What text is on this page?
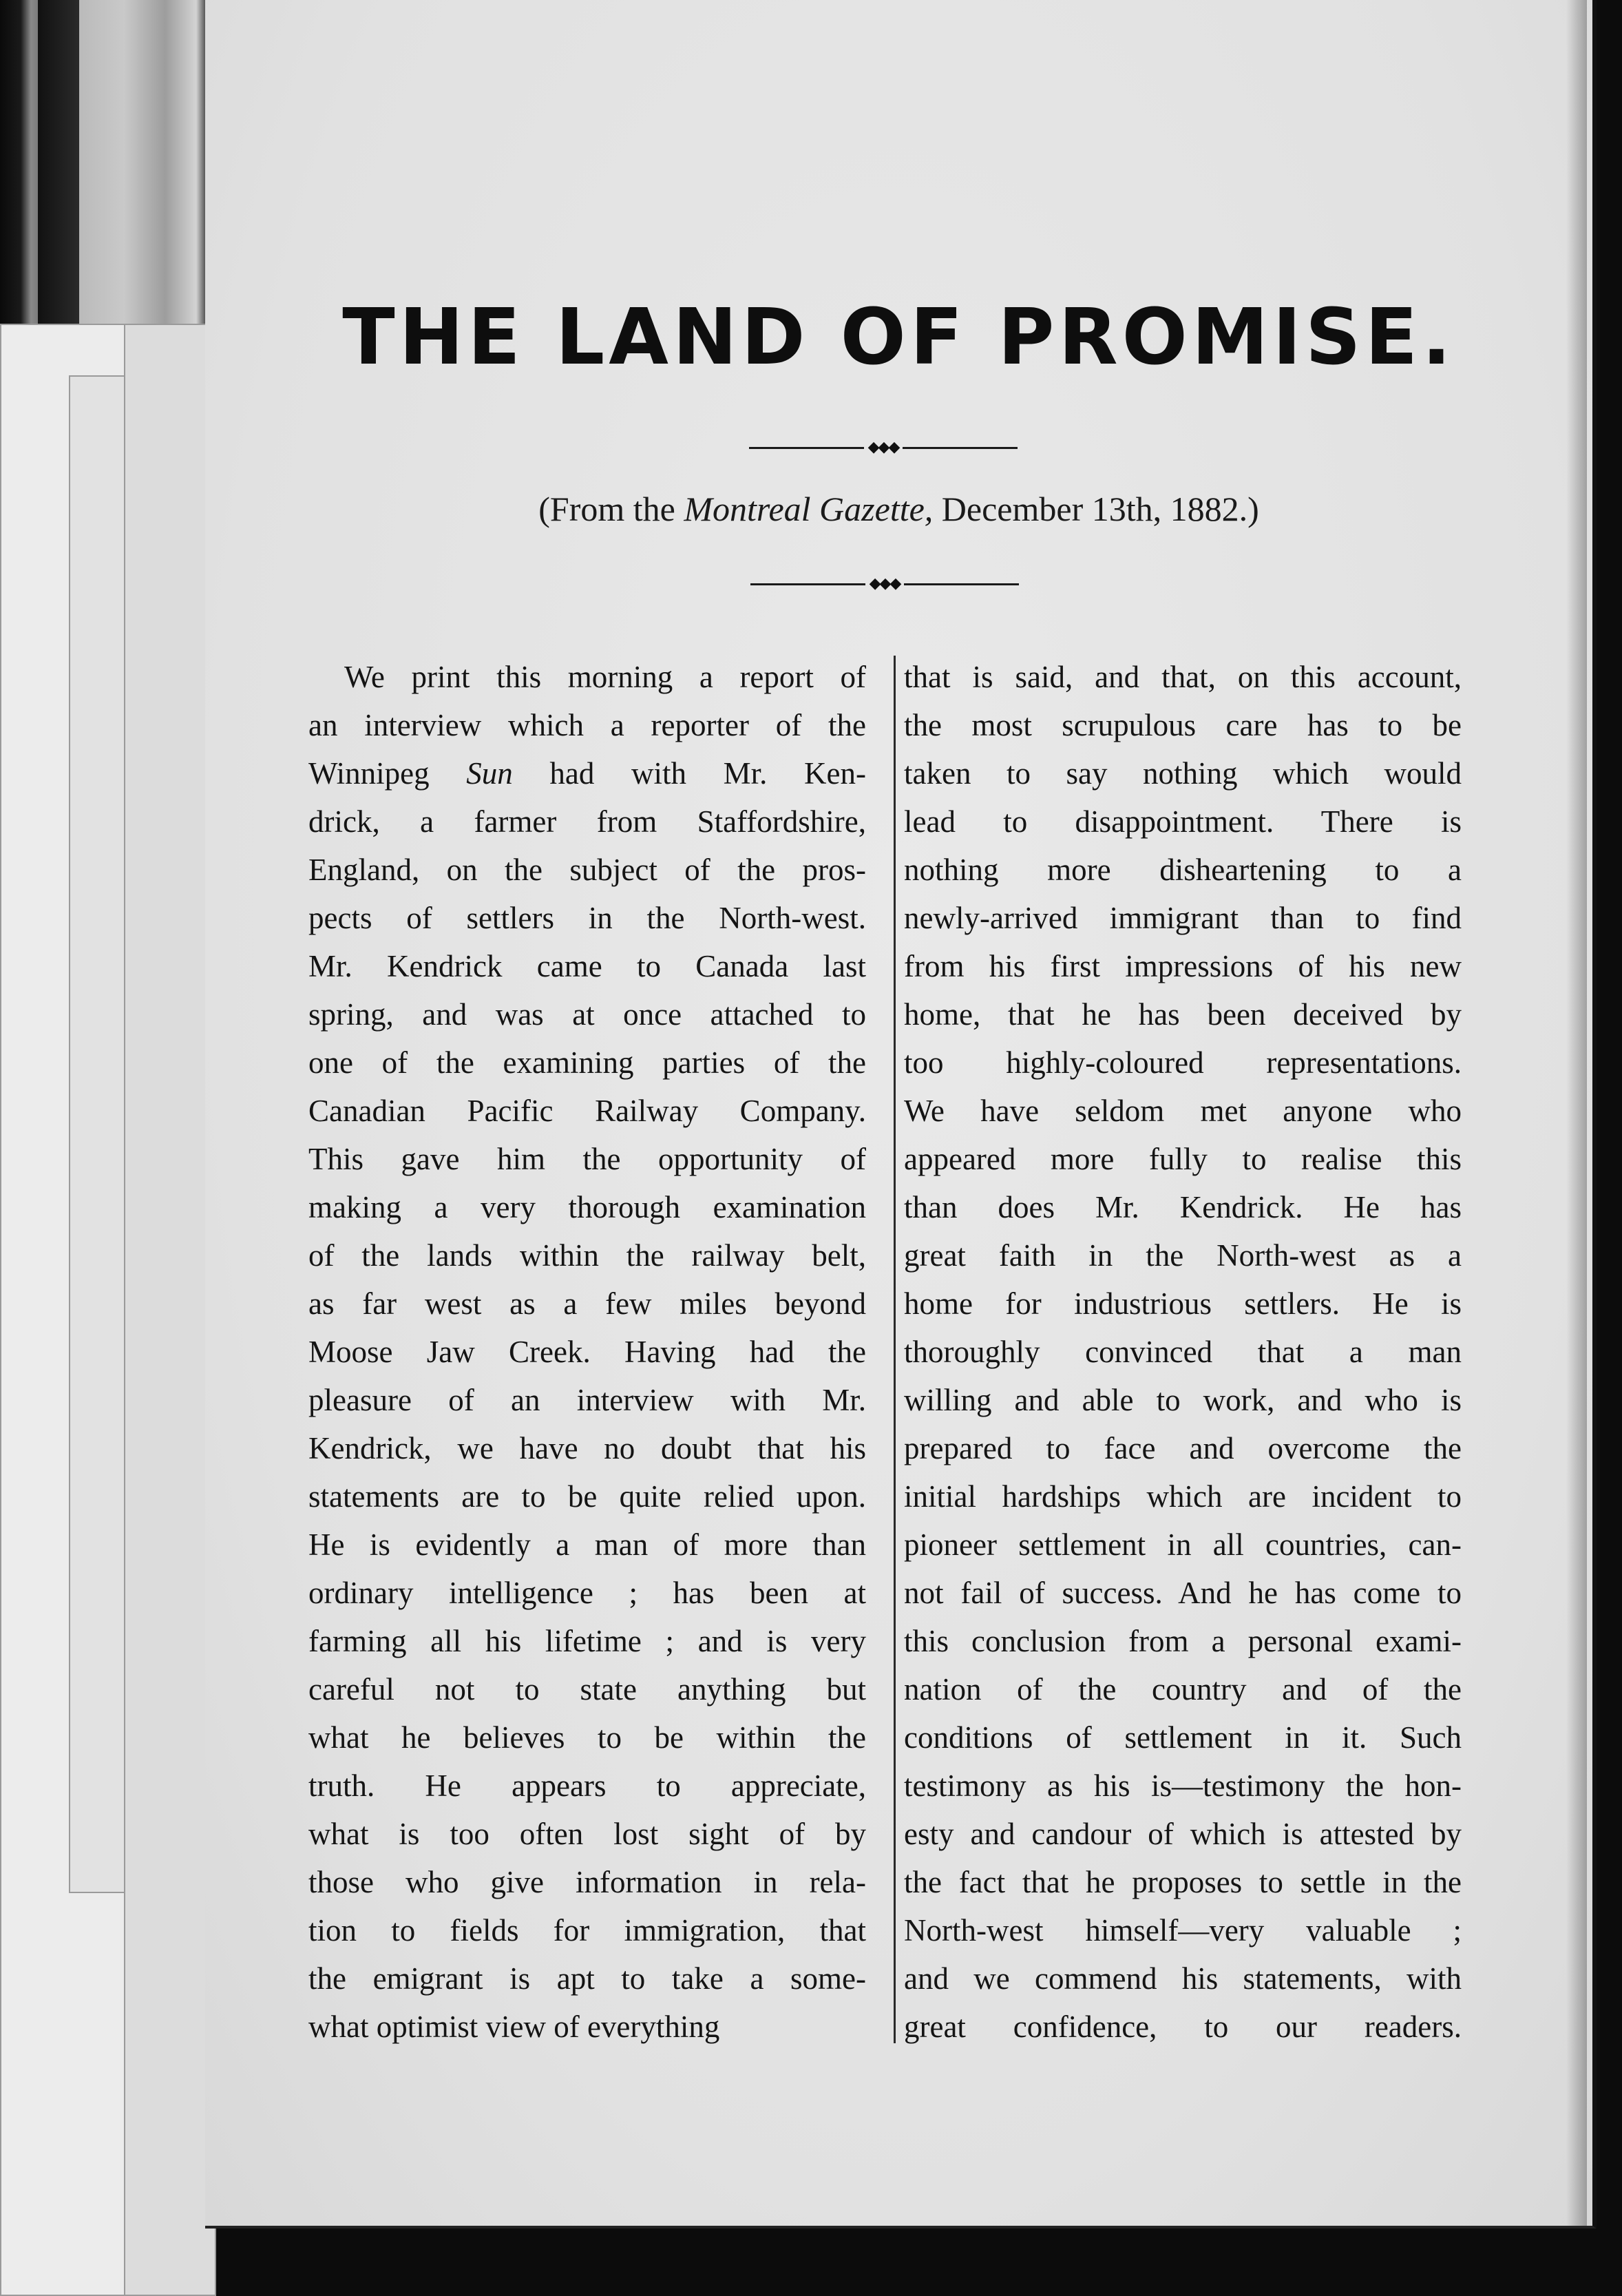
THE LAND OF PROMISE.
◆◆◆
(From the Montreal Gazette, December 13th, 1882.)
◆◆◆
We print this morning a report of
an interview which a reporter of the
Winnipeg Sun had with Mr. Ken-
drick, a farmer from Staffordshire,
England, on the subject of the pros-
pects of settlers in the North-west.
Mr. Kendrick came to Canada last
spring, and was at once attached to
one of the examining parties of the
Canadian Pacific Railway Company.
This gave him the opportunity of
making a very thorough examination
of the lands within the railway belt,
as far west as a few miles beyond
Moose Jaw Creek. Having had the
pleasure of an interview with Mr.
Kendrick, we have no doubt that his
statements are to be quite relied upon.
He is evidently a man of more than
ordinary intelligence ; has been at
farming all his lifetime ; and is very
careful not to state anything but
what he believes to be within the
truth. He appears to appreciate,
what is too often lost sight of by
those who give information in rela-
tion to fields for immigration, that
the emigrant is apt to take a some-
what optimist view of everything
that is said, and that, on this account,
the most scrupulous care has to be
taken to say nothing which would
lead to disappointment. There is
nothing more disheartening to a
newly-arrived immigrant than to find
from his first impressions of his new
home, that he has been deceived by
too highly-coloured representations.
We have seldom met anyone who
appeared more fully to realise this
than does Mr. Kendrick. He has
great faith in the North-west as a
home for industrious settlers. He is
thoroughly convinced that a man
willing and able to work, and who is
prepared to face and overcome the
initial hardships which are incident to
pioneer settlement in all countries, can-
not fail of success. And he has come to
this conclusion from a personal exami-
nation of the country and of the
conditions of settlement in it. Such
testimony as his is—testimony the hon-
esty and candour of which is attested by
the fact that he proposes to settle in the
North-west himself—very valuable ;
and we commend his statements, with
great confidence, to our readers.
